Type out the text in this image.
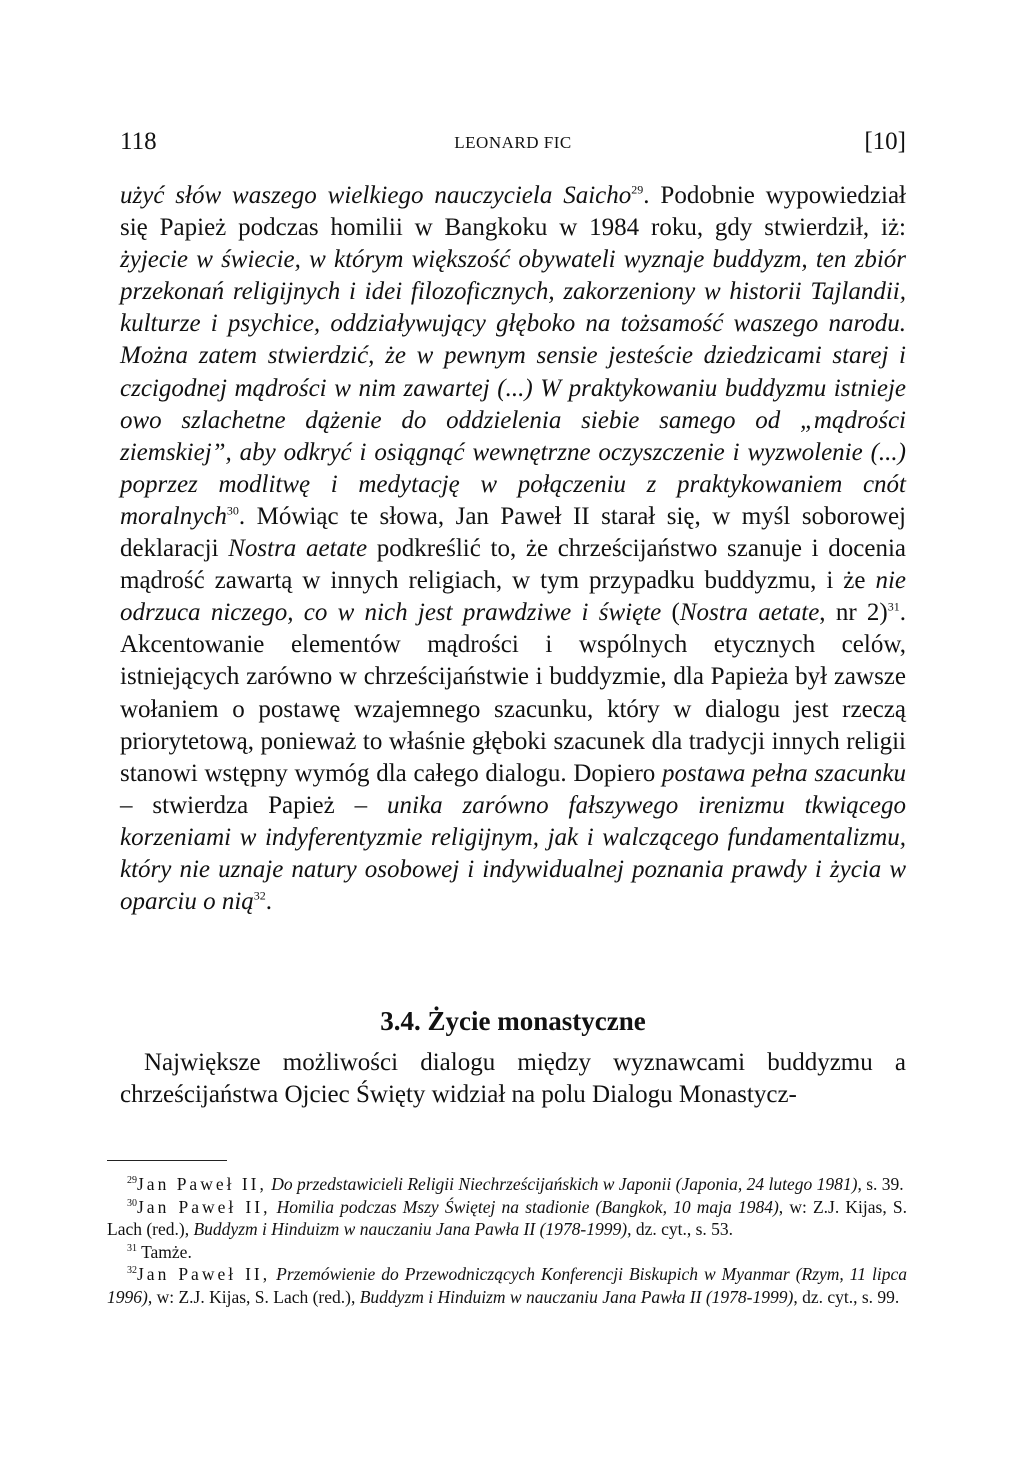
118	LEONARD FIC	[10]

użyć słów waszego wielkiego nauczyciela Saicho$^{29}$. Podobnie wypowiedział się Papież podczas homilii w Bangkoku w 1984 roku, gdy stwierdził, iż: żyjecie w świecie, w którym większość obywateli wyznaje buddyzm, ten zbiór przekonań religijnych i idei filozoficznych, zakorzeniony w historii Tajlandii, kulturze i psychice, oddziaływujący głęboko na tożsamość waszego narodu. Można zatem stwierdzić, że w pewnym sensie jesteście dziedzicami starej i czcigodnej mądrości w nim zawartej (...) W praktykowaniu buddyzmu istnieje owo szlachetne dążenie do oddzielenia siebie samego od „mądrości ziemskiej”, aby odkryć i osiągnąć wewnętrzne oczyszczenie i wyzwolenie (...) poprzez modlitwę i medytację w połączeniu z praktykowaniem cnót moralnych$^{30}$. Mówiąc te słowa, Jan Paweł II starał się, w myśl soborowej deklaracji Nostra aetate podkreślić to, że chrześcijaństwo szanuje i docenia mądrość zawartą w innych religiach, w tym przypadku buddyzmu, i że nie odrzuca niczego, co w nich jest prawdziwe i święte (Nostra aetate, nr 2)$^{31}$. Akcentowanie elementów mądrości i wspólnych etycznych celów, istniejących zarówno w chrześcijaństwie i buddyzmie, dla Papieża był zawsze wołaniem o postawę wzajemnego szacunku, który w dialogu jest rzeczą priorytetową, ponieważ to właśnie głęboki szacunek dla tradycji innych religii stanowi wstępny wymóg dla całego dialogu. Dopiero postawa pełna szacunku – stwierdza Papież – unika zarówno fałszywego irenizmu tkwiącego korzeniami w indyferentyzmie religijnym, jak i walczącego fundamentalizmu, który nie uznaje natury osobowej i indywidualnej poznania prawdy i życia w oparciu o nią$^{32}$.

3.4. Życie monastyczne

Największe możliwości dialogu między wyznawcami buddyzmu a chrześcijaństwa Ojciec Święty widział na polu Dialogu Monastycz-

$^{29}$Jan Paweł II, Do przedstawicieli Religii Niechrześcijańskich w Japonii (Japonia, 24 lutego 1981), s. 39.

$^{30}$Jan Paweł II, Homilia podczas Mszy Świętej na stadionie (Bangkok, 10 maja 1984), w: Z.J. Kijas, S. Lach (red.), Buddyzm i Hinduizm w nauczaniu Jana Pawła II (1978-1999), dz. cyt., s. 53.

$^{31}$ Tamże.

$^{32}$Jan Paweł II, Przemówienie do Przewodniczących Konferencji Biskupich w Myanmar (Rzym, 11 lipca 1996), w: Z.J. Kijas, S. Lach (red.), Buddyzm i Hinduizm w nauczaniu Jana Pawła II (1978-1999), dz. cyt., s. 99.
